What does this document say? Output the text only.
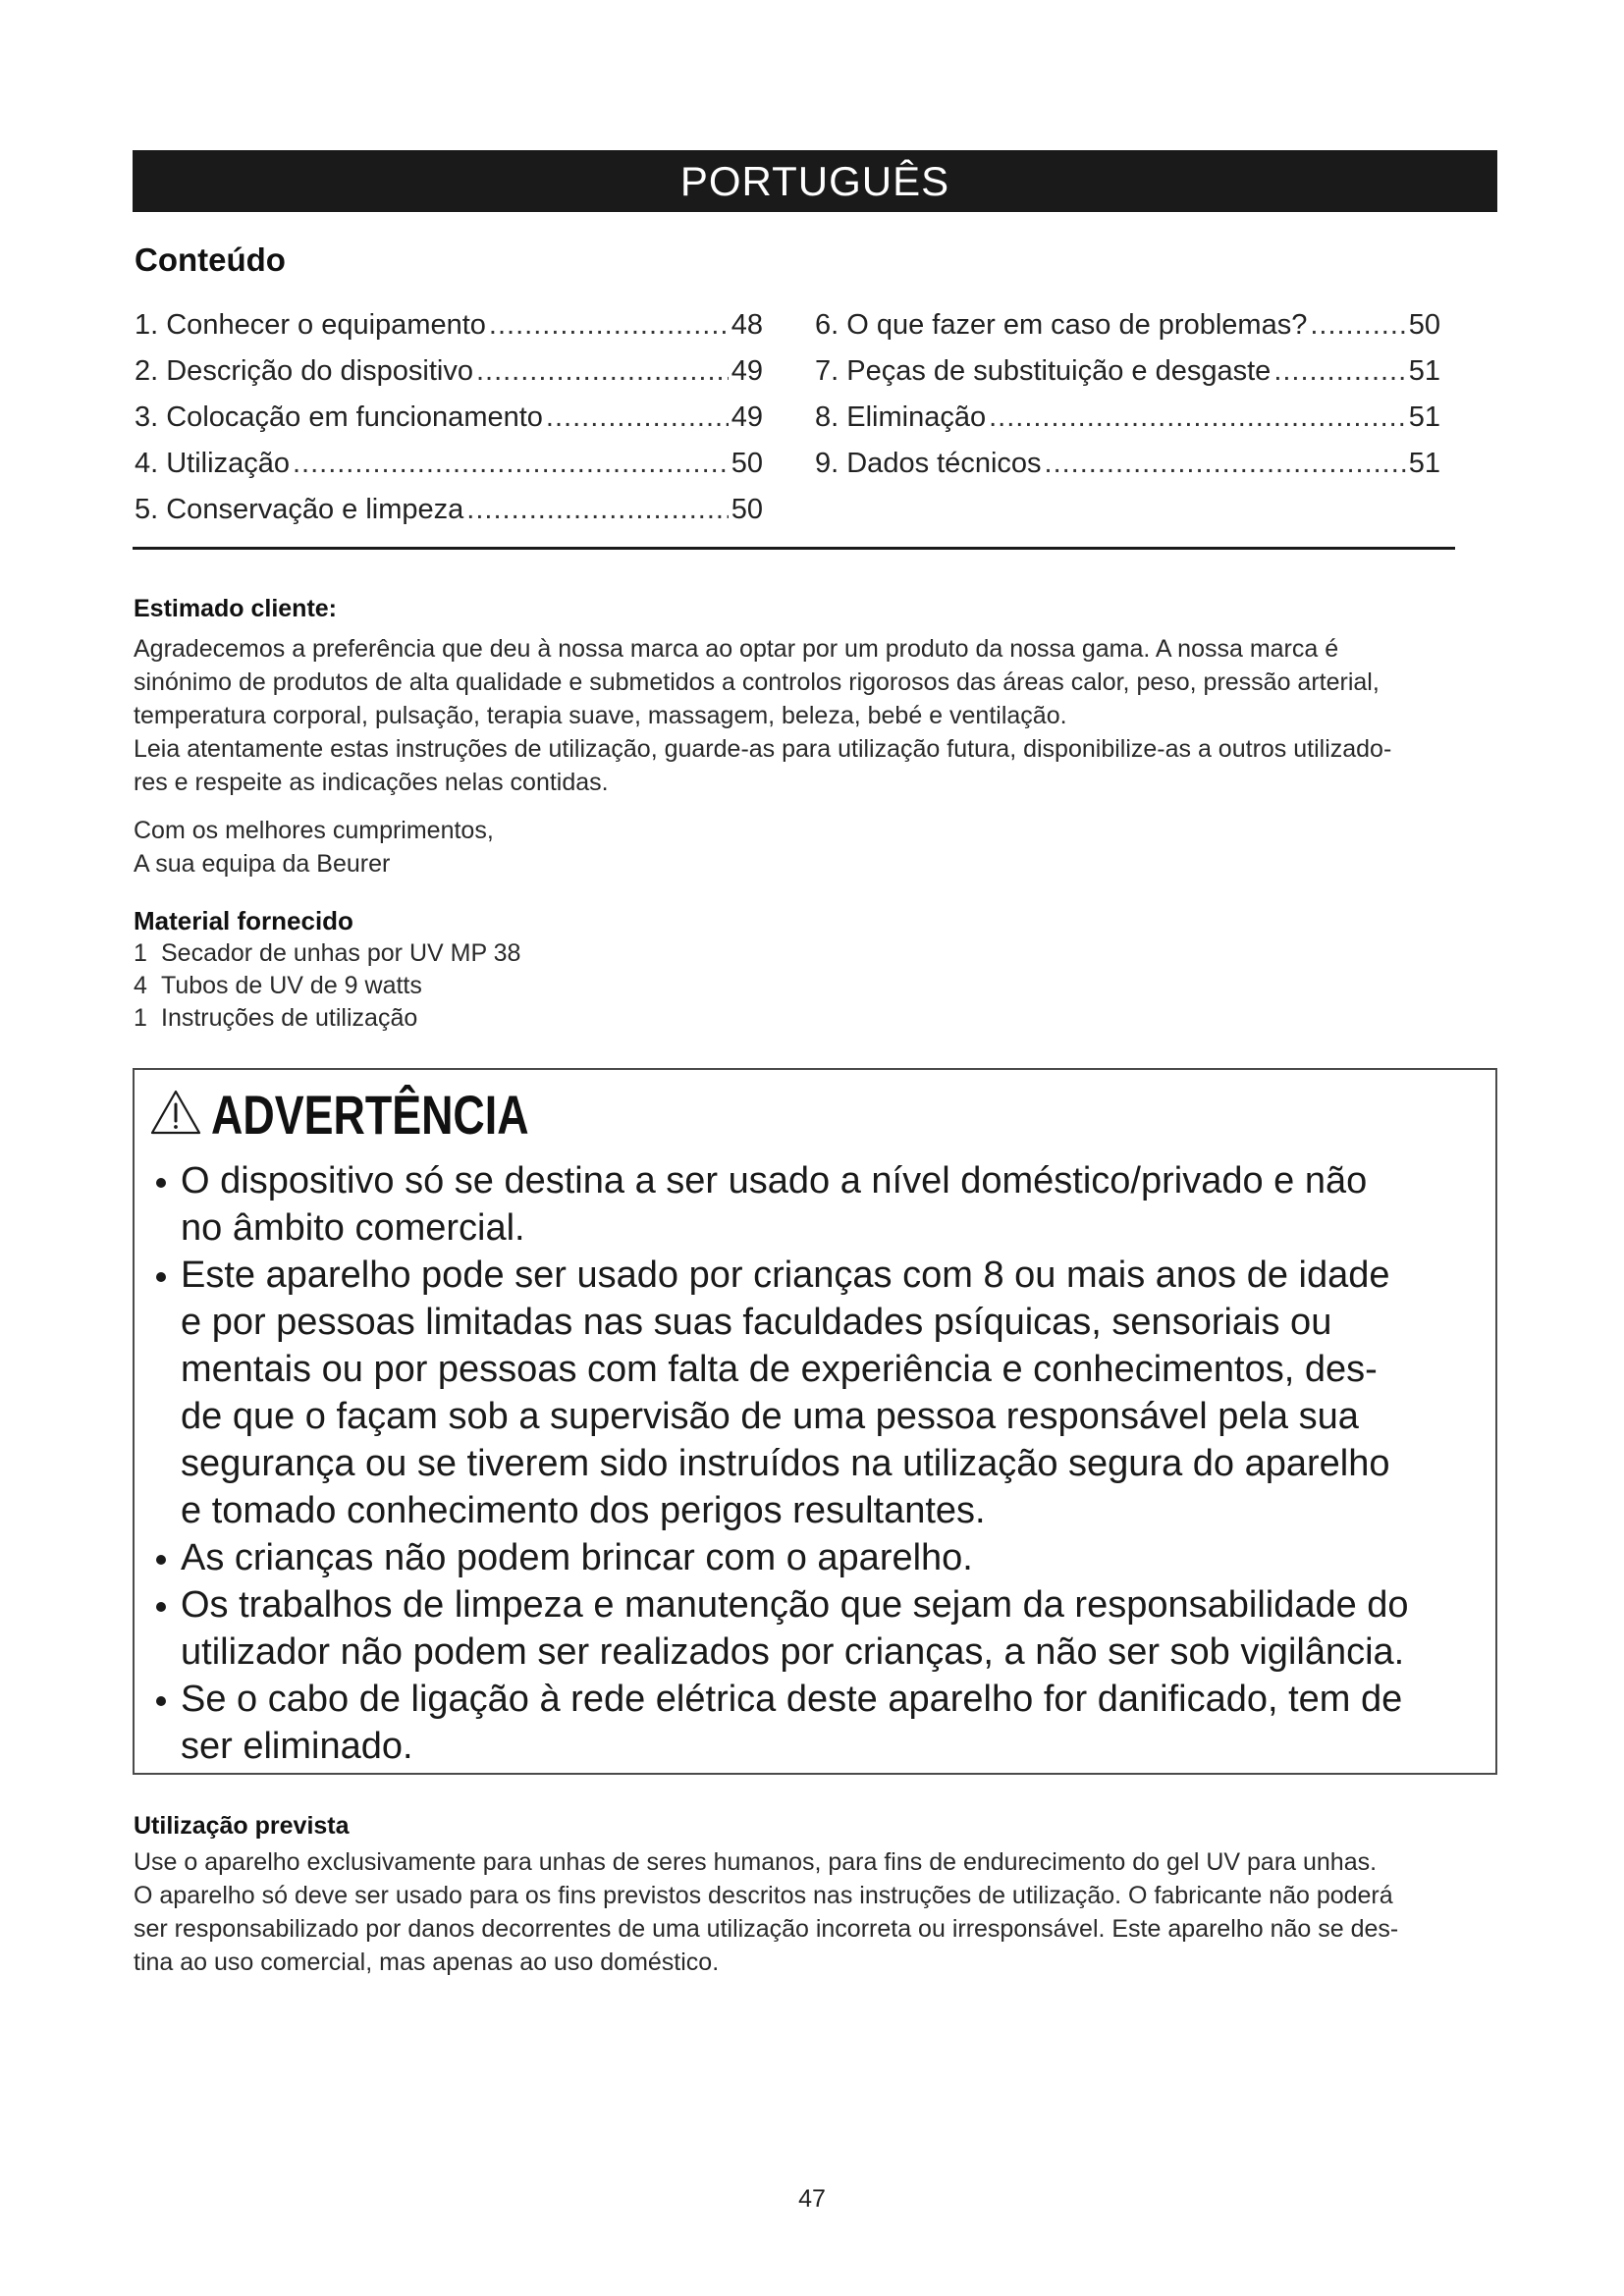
PORTUGUÊS
Conteúdo
1. Conhecer o equipamento .....	48
2. Descrição do dispositivo .....	49
3. Colocação em funcionamento .....	49
4. Utilização .....	50
5. Conservação e limpeza .....	50
6. O que fazer em caso de problemas? .....	50
7. Peças de substituição e desgaste .....	51
8. Eliminação .....	51
9. Dados técnicos .....	51
Estimado cliente:
Agradecemos a preferência que deu à nossa marca ao optar por um produto da nossa gama. A nossa marca é
sinónimo de produtos de alta qualidade e submetidos a controlos rigorosos das áreas calor, peso, pressão arterial,
temperatura corporal, pulsação, terapia suave, massagem, beleza, bebé e ventilação.
Leia atentamente estas instruções de utilização, guarde-as para utilização futura, disponibilize-as a outros utilizado-
res e respeite as indicações nelas contidas.
Com os melhores cumprimentos,
A sua equipa da Beurer
Material fornecido
1 Secador de unhas por UV MP 38
4 Tubos de UV de 9 watts
1 Instruções de utilização
ADVERTÊNCIA
O dispositivo só se destina a ser usado a nível doméstico/privado e não
no âmbito comercial.
Este aparelho pode ser usado por crianças com 8 ou mais anos de idade
e por pessoas limitadas nas suas faculdades psíquicas, sensoriais ou
mentais ou por pessoas com falta de experiência e conhecimentos, des-
de que o façam sob a supervisão de uma pessoa responsável pela sua
segurança ou se tiverem sido instruídos na utilização segura do aparelho
e tomado conhecimento dos perigos resultantes.
As crianças não podem brincar com o aparelho.
Os trabalhos de limpeza e manutenção que sejam da responsabilidade do
utilizador não podem ser realizados por crianças, a não ser sob vigilância.
Se o cabo de ligação à rede elétrica deste aparelho for danificado, tem de
ser eliminado.
Utilização prevista
Use o aparelho exclusivamente para unhas de seres humanos, para fins de endurecimento do gel UV para unhas.
O aparelho só deve ser usado para os fins previstos descritos nas instruções de utilização. O fabricante não poderá
ser responsabilizado por danos decorrentes de uma utilização incorreta ou irresponsável. Este aparelho não se des-
tina ao uso comercial, mas apenas ao uso doméstico.
47
